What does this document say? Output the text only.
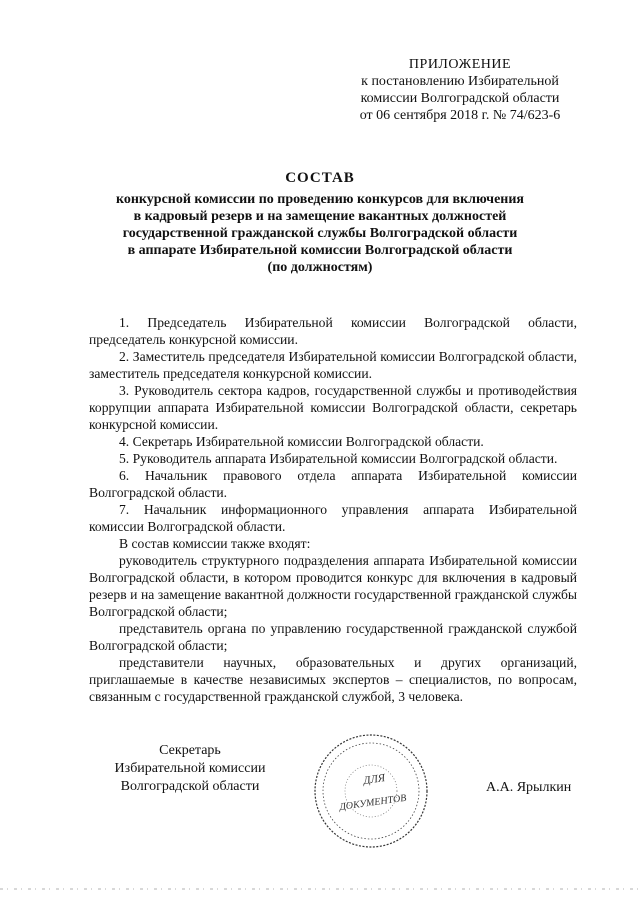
ПРИЛОЖЕНИЕ
к постановлению Избирательной
комиссии Волгоградской области
от 06 сентября 2018 г. № 74/623-6
СОСТАВ
конкурсной комиссии по проведению конкурсов для включения
в кадровый резерв и на замещение вакантных должностей
государственной гражданской службы Волгоградской области
в аппарате Избирательной комиссии Волгоградской области
(по должностям)

1. Председатель Избирательной комиссии Волгоградской области, председатель конкурсной комиссии.

2. Заместитель председателя Избирательной комиссии Волгоградской области, заместитель председателя конкурсной комиссии.

3. Руководитель сектора кадров, государственной службы и противодействия коррупции аппарата Избирательной комиссии Волгоградской области, секретарь конкурсной комиссии.

4. Секретарь Избирательной комиссии Волгоградской области.

5. Руководитель аппарата Избирательной комиссии Волгоградской области.

6. Начальник правового отдела аппарата Избирательной комиссии Волгоградской области.

7. Начальник информационного управления аппарата Избирательной комиссии Волгоградской области.

В состав комиссии также входят:

руководитель структурного подразделения аппарата Избирательной комиссии Волгоградской области, в котором проводится конкурс для включения в кадровый резерв и на замещение вакантной должности государственной гражданской службы Волгоградской области;

представитель органа по управлению государственной гражданской службой Волгоградской области;

представители научных, образовательных и других организаций, приглашаемые в качестве независимых экспертов – специалистов, по вопросам, связанным с государственной гражданской службой, 3 человека.

Секретарь
Избирательной комиссии
Волгоградской области	ДЛЯ
ДОКУМЕНТОВ
А.А. Ярылкин
